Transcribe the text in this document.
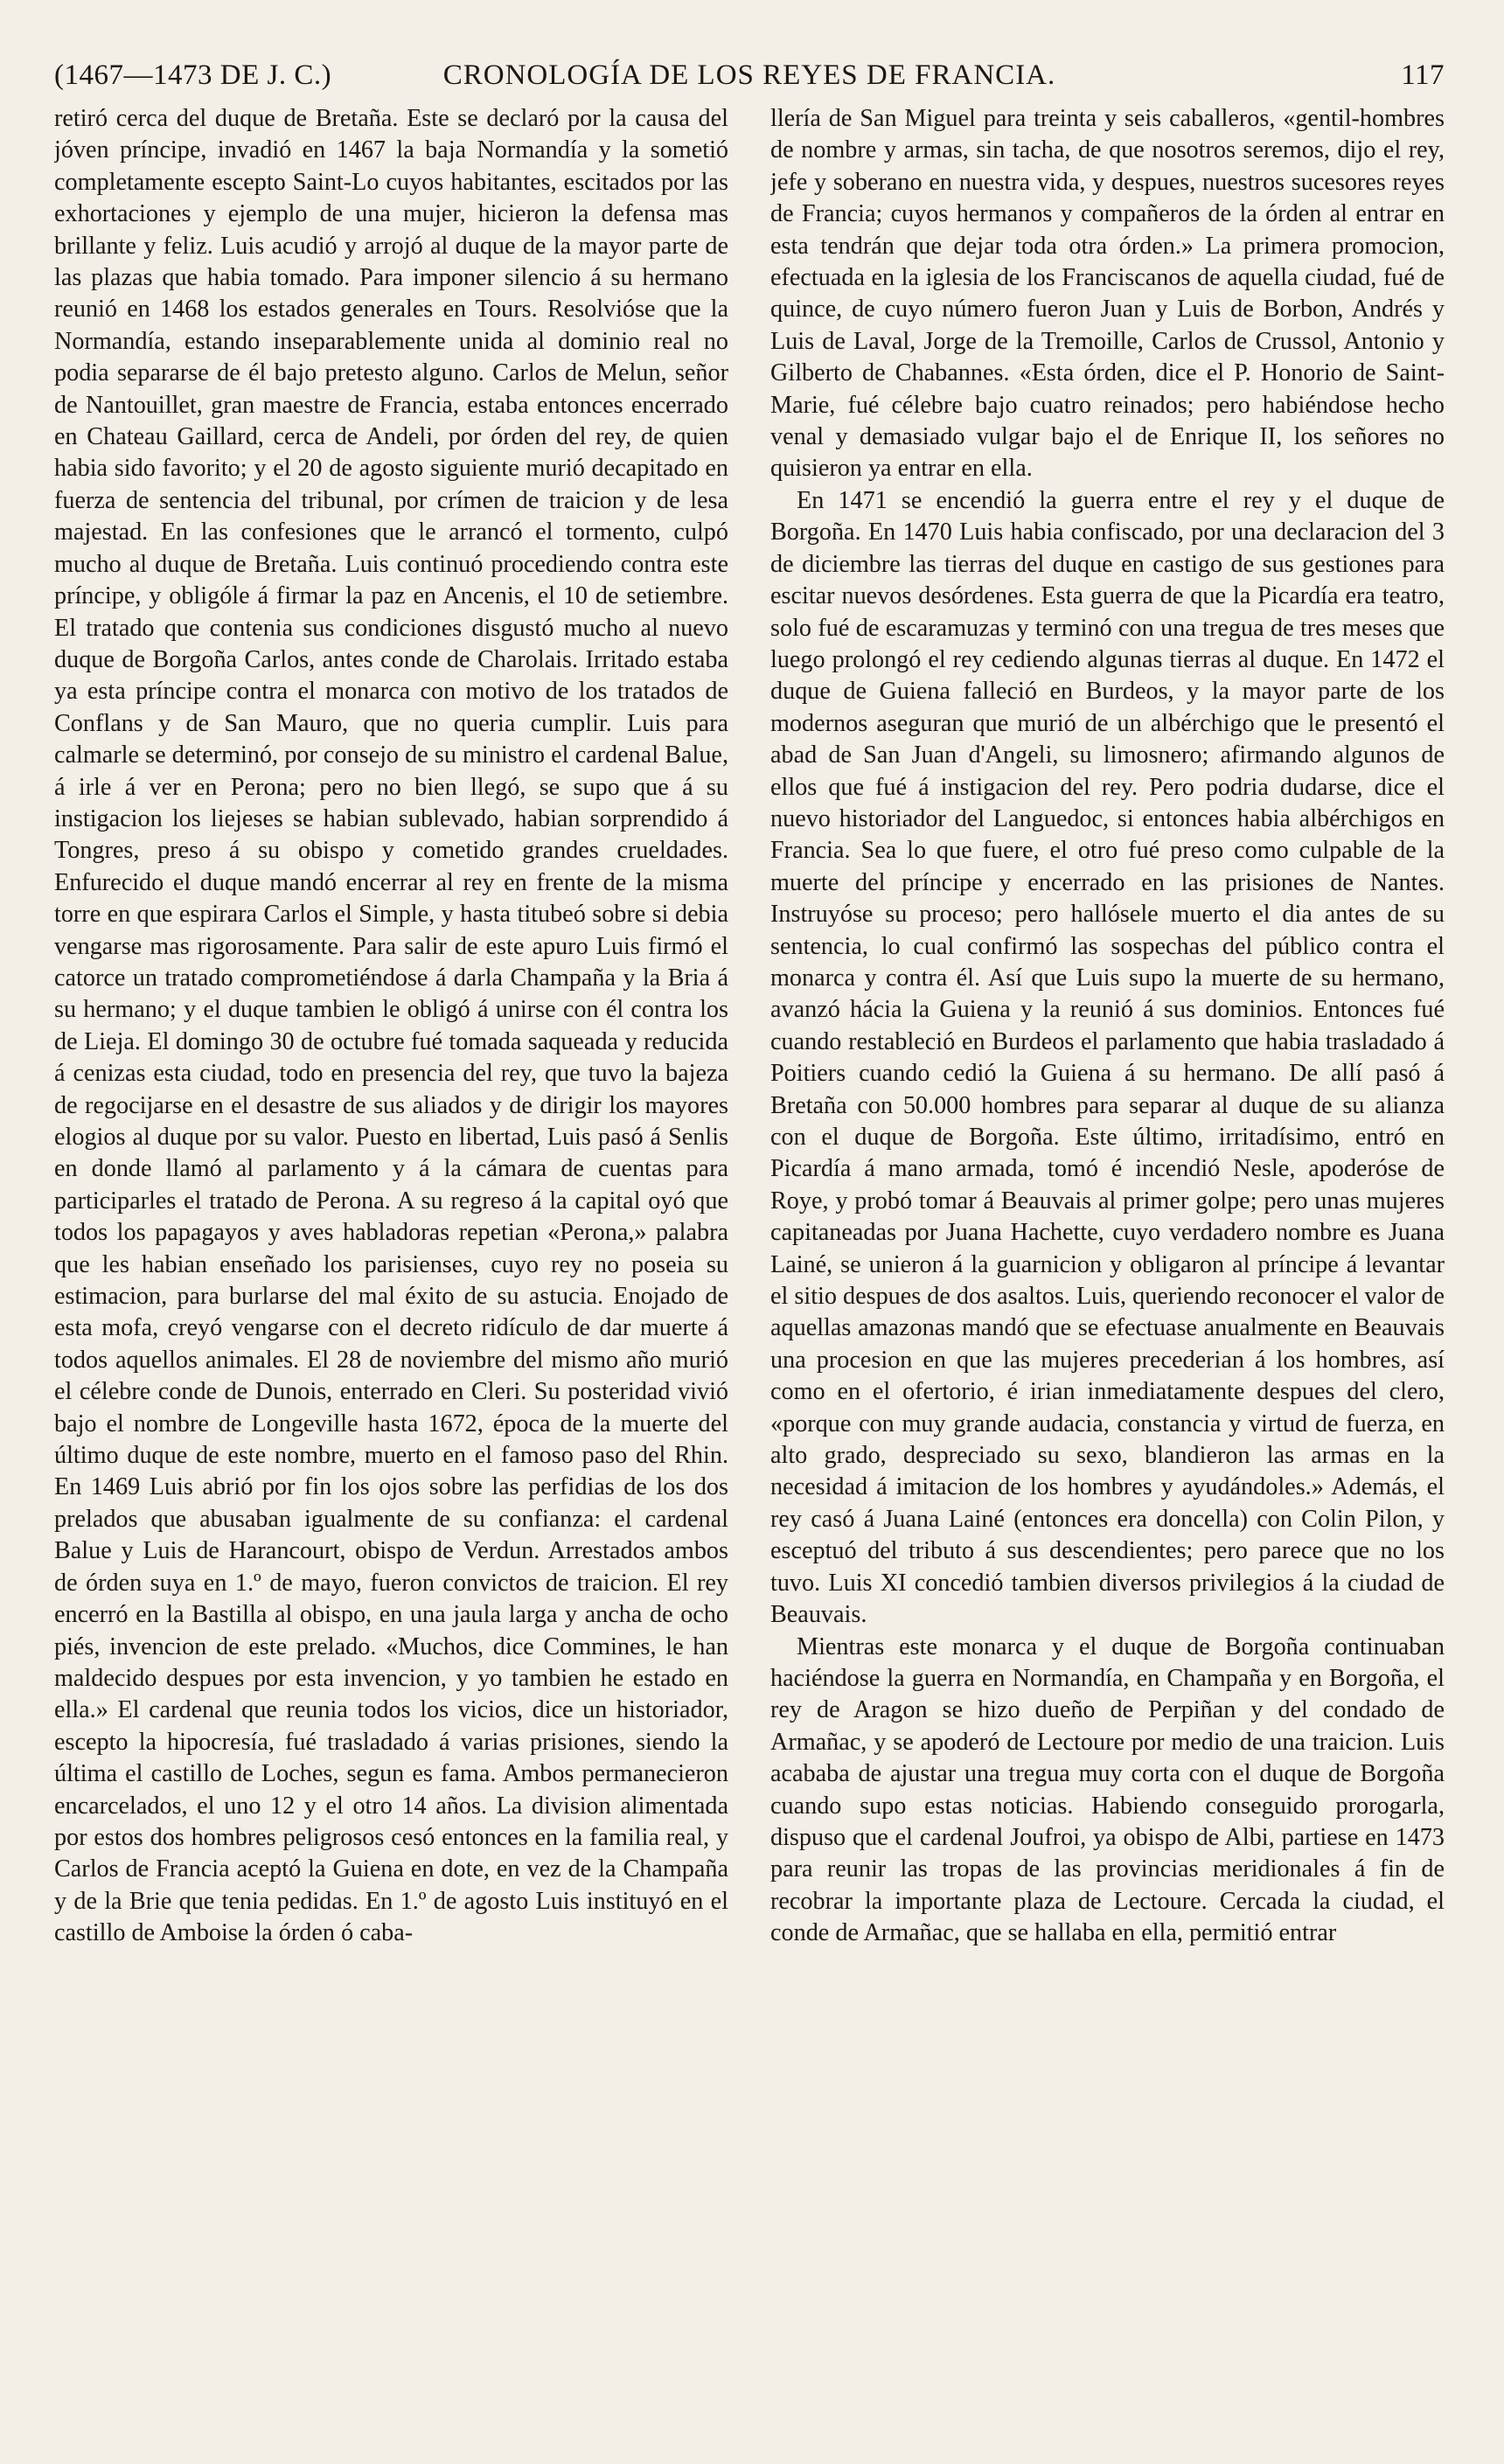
(1467—1473 DE J. C.)	CRONOLOGÍA DE LOS REYES DE FRANCIA.	117

retiró cerca del duque de Bretaña. Este se declaró por la causa del jóven príncipe, invadió en 1467 la baja Normandía y la sometió completamente escepto Saint-Lo cuyos habitantes, escitados por las exhortaciones y ejemplo de una mujer, hicieron la defensa mas brillante y feliz. Luis acudió y arrojó al duque de la mayor parte de las plazas que habia tomado. Para imponer silencio á su hermano reunió en 1468 los estados generales en Tours. Resolvióse que la Normandía, estando inseparablemente unida al dominio real no podia separarse de él bajo pretesto alguno. Carlos de Melun, señor de Nantouillet, gran maestre de Francia, estaba entonces encerrado en Chateau Gaillard, cerca de Andeli, por órden del rey, de quien habia sido favorito; y el 20 de agosto siguiente murió decapitado en fuerza de sentencia del tribunal, por crímen de traicion y de lesa majestad. En las confesiones que le arrancó el tormento, culpó mucho al duque de Bretaña. Luis continuó procediendo contra este príncipe, y obligóle á firmar la paz en Ancenis, el 10 de setiembre. El tratado que contenia sus condiciones disgustó mucho al nuevo duque de Borgoña Carlos, antes conde de Charolais. Irritado estaba ya esta príncipe contra el monarca con motivo de los tratados de Conflans y de San Mauro, que no queria cumplir. Luis para calmarle se determinó, por consejo de su ministro el cardenal Balue, á irle á ver en Perona; pero no bien llegó, se supo que á su instigacion los liejeses se habian sublevado, habian sorprendido á Tongres, preso á su obispo y cometido grandes crueldades. Enfurecido el duque mandó encerrar al rey en frente de la misma torre en que espirara Carlos el Simple, y hasta titubeó sobre si debia vengarse mas rigorosamente. Para salir de este apuro Luis firmó el catorce un tratado comprometiéndose á darla Champaña y la Bria á su hermano; y el duque tambien le obligó á unirse con él contra los de Lieja. El domingo 30 de octubre fué tomada saqueada y reducida á cenizas esta ciudad, todo en presencia del rey, que tuvo la bajeza de regocijarse en el desastre de sus aliados y de dirigir los mayores elogios al duque por su valor. Puesto en libertad, Luis pasó á Senlis en donde llamó al parlamento y á la cámara de cuentas para participarles el tratado de Perona. A su regreso á la capital oyó que todos los papagayos y aves habladoras repetian «Perona,» palabra que les habian enseñado los parisienses, cuyo rey no poseia su estimacion, para burlarse del mal éxito de su astucia. Enojado de esta mofa, creyó vengarse con el decreto ridículo de dar muerte á todos aquellos animales. El 28 de noviembre del mismo año murió el célebre conde de Dunois, enterrado en Cleri. Su posteridad vivió bajo el nombre de Longeville hasta 1672, época de la muerte del último duque de este nombre, muerto en el famoso paso del Rhin. En 1469 Luis abrió por fin los ojos sobre las perfidias de los dos prelados que abusaban igualmente de su confianza: el cardenal Balue y Luis de Harancourt, obispo de Verdun. Arrestados ambos de órden suya en 1.º de mayo, fueron convictos de traicion. El rey encerró en la Bastilla al obispo, en una jaula larga y ancha de ocho piés, invencion de este prelado. «Muchos, dice Commines, le han maldecido despues por esta invencion, y yo tambien he estado en ella.» El cardenal que reunia todos los vicios, dice un historiador, escepto la hipocresía, fué trasladado á varias prisiones, siendo la última el castillo de Loches, segun es fama. Ambos permanecieron encarcelados, el uno 12 y el otro 14 años. La division alimentada por estos dos hombres peligrosos cesó entonces en la familia real, y Carlos de Francia aceptó la Guiena en dote, en vez de la Champaña y de la Brie que tenia pedidas. En 1.º de agosto Luis instituyó en el castillo de Amboise la órden ó caba-

llería de San Miguel para treinta y seis caballeros, «gentil-hombres de nombre y armas, sin tacha, de que nosotros seremos, dijo el rey, jefe y soberano en nuestra vida, y despues, nuestros sucesores reyes de Francia; cuyos hermanos y compañeros de la órden al entrar en esta tendrán que dejar toda otra órden.» La primera promocion, efectuada en la iglesia de los Franciscanos de aquella ciudad, fué de quince, de cuyo número fueron Juan y Luis de Borbon, Andrés y Luis de Laval, Jorge de la Tremoille, Carlos de Crussol, Antonio y Gilberto de Chabannes. «Esta órden, dice el P. Honorio de Saint-Marie, fué célebre bajo cuatro reinados; pero habiéndose hecho venal y demasiado vulgar bajo el de Enrique II, los señores no quisieron ya entrar en ella.

En 1471 se encendió la guerra entre el rey y el duque de Borgoña. En 1470 Luis habia confiscado, por una declaracion del 3 de diciembre las tierras del duque en castigo de sus gestiones para escitar nuevos desórdenes. Esta guerra de que la Picardía era teatro, solo fué de escaramuzas y terminó con una tregua de tres meses que luego prolongó el rey cediendo algunas tierras al duque. En 1472 el duque de Guiena falleció en Burdeos, y la mayor parte de los modernos aseguran que murió de un albérchigo que le presentó el abad de San Juan d'Angeli, su limosnero; afirmando algunos de ellos que fué á instigacion del rey. Pero podria dudarse, dice el nuevo historiador del Languedoc, si entonces habia albérchigos en Francia. Sea lo que fuere, el otro fué preso como culpable de la muerte del príncipe y encerrado en las prisiones de Nantes. Instruyóse su proceso; pero hallósele muerto el dia antes de su sentencia, lo cual confirmó las sospechas del público contra el monarca y contra él. Así que Luis supo la muerte de su hermano, avanzó hácia la Guiena y la reunió á sus dominios. Entonces fué cuando restableció en Burdeos el parlamento que habia trasladado á Poitiers cuando cedió la Guiena á su hermano. De allí pasó á Bretaña con 50.000 hombres para separar al duque de su alianza con el duque de Borgoña. Este último, irritadísimo, entró en Picardía á mano armada, tomó é incendió Nesle, apoderóse de Roye, y probó tomar á Beauvais al primer golpe; pero unas mujeres capitaneadas por Juana Hachette, cuyo verdadero nombre es Juana Lainé, se unieron á la guarnicion y obligaron al príncipe á levantar el sitio despues de dos asaltos. Luis, queriendo reconocer el valor de aquellas amazonas mandó que se efectuase anualmente en Beauvais una procesion en que las mujeres precederian á los hombres, así como en el ofertorio, é irian inmediatamente despues del clero, «porque con muy grande audacia, constancia y virtud de fuerza, en alto grado, despreciado su sexo, blandieron las armas en la necesidad á imitacion de los hombres y ayudándoles.» Además, el rey casó á Juana Lainé (entonces era doncella) con Colin Pilon, y esceptuó del tributo á sus descendientes; pero parece que no los tuvo. Luis XI concedió tambien diversos privilegios á la ciudad de Beauvais.

Mientras este monarca y el duque de Borgoña continuaban haciéndose la guerra en Normandía, en Champaña y en Borgoña, el rey de Aragon se hizo dueño de Perpiñan y del condado de Armañac, y se apoderó de Lectoure por medio de una traicion. Luis acababa de ajustar una tregua muy corta con el duque de Borgoña cuando supo estas noticias. Habiendo conseguido prorogarla, dispuso que el cardenal Joufroi, ya obispo de Albi, partiese en 1473 para reunir las tropas de las provincias meridionales á fin de recobrar la importante plaza de Lectoure. Cercada la ciudad, el conde de Armañac, que se hallaba en ella, permitió entrar
